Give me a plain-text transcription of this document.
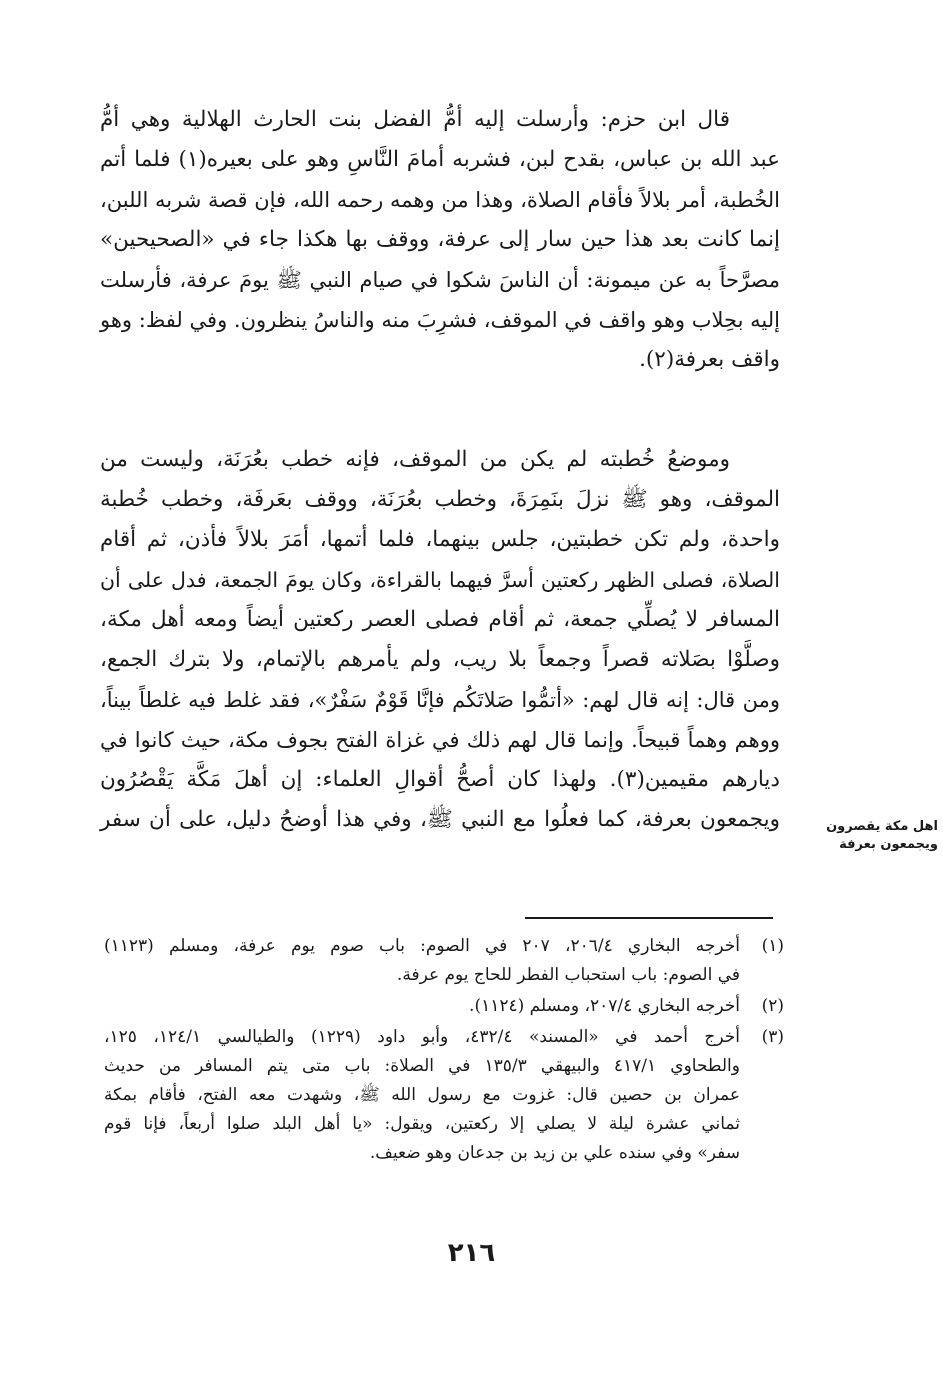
قال ابن حزم: وأرسلت إليه أمُّ الفضل بنت الحارث الهلالية وهي أمُّ
عبد الله بن عباس، بقدح لبن، فشربه أمامَ النَّاسِ وهو على بعيره(١) فلما أتم
الخُطبة، أمر بلالاً فأقام الصلاة، وهذا من وهمه رحمه الله، فإن قصة شربه اللبن،
إنما كانت بعد هذا حين سار إلى عرفة، ووقف بها هكذا جاء في «الصحيحين»
مصرَّحاً به عن ميمونة: أن الناسَ شكوا في صيام النبي ﷺ يومَ عرفة، فأرسلت
إليه بحِلاب وهو واقف في الموقف، فشرِبَ منه والناسُ ينظرون. وفي لفظ: وهو
واقف بعرفة(٢).
وموضعُ خُطبته لم يكن من الموقف، فإنه خطب بعُرَنَة، وليست من
الموقف، وهو ﷺ نزلَ بنَمِرَةَ، وخطب بعُرَنَة، ووقف بعَرفَة، وخطب خُطبة
واحدة، ولم تكن خطبتين، جلس بينهما، فلما أتمها، أمَرَ بلالاً فأذن، ثم أقام
الصلاة، فصلى الظهر ركعتين أسرَّ فيهما بالقراءة، وكان يومَ الجمعة، فدل على أن
المسافر لا يُصلِّي جمعة، ثم أقام فصلى العصر ركعتين أيضاً ومعه أهل مكة،
وصلَّوْا بصَلاته قصراً وجمعاً بلا ريب، ولم يأمرهم بالإتمام، ولا بترك الجمع،
ومن قال: إنه قال لهم: «أتمُّوا صَلاتَكُم فإنَّا قَوْمٌ سَفْرٌ»، فقد غلط فيه غلطاً بيناً،
ووهم وهماً قبيحاً. وإنما قال لهم ذلك في غزاة الفتح بجوف مكة، حيث كانوا في
ديارهم مقيمين(٣). ولهذا كان أصحُّ أقوالِ العلماء: إن أهلَ مَكَّة يَقْصُرُون
ويجمعون بعرفة، كما فعلُوا مع النبي ﷺ، وفي هذا أوضحُ دليل، على أن سفر	اهل مكة يقصرون
ويجمعون بعرفة
(١)
أخرجه البخاري ٢٠٦/٤، ٢٠٧ في الصوم: باب صوم يوم عرفة، ومسلم (١١٢٣)
في الصوم: باب استحباب الفطر للحاج يوم عرفة.
(٢)
أخرجه البخاري ٢٠٧/٤، ومسلم (١١٢٤).
(٣)
أخرج أحمد في «المسند» ٤٣٢/٤، وأبو داود (١٢٢٩) والطيالسي ١٢٤/١، ١٢٥،
والطحاوي ٤١٧/١ والبيهقي ١٣٥/٣ في الصلاة: باب متى يتم المسافر من حديث
عمران بن حصين قال: غزوت مع رسول الله ﷺ، وشهدت معه الفتح، فأقام بمكة
ثماني عشرة ليلة لا يصلي إلا ركعتين، ويقول: «يا أهل البلد صلوا أربعاً، فإنا قوم
سفر» وفي سنده علي بن زيد بن جدعان وهو ضعيف.
٢١٦
